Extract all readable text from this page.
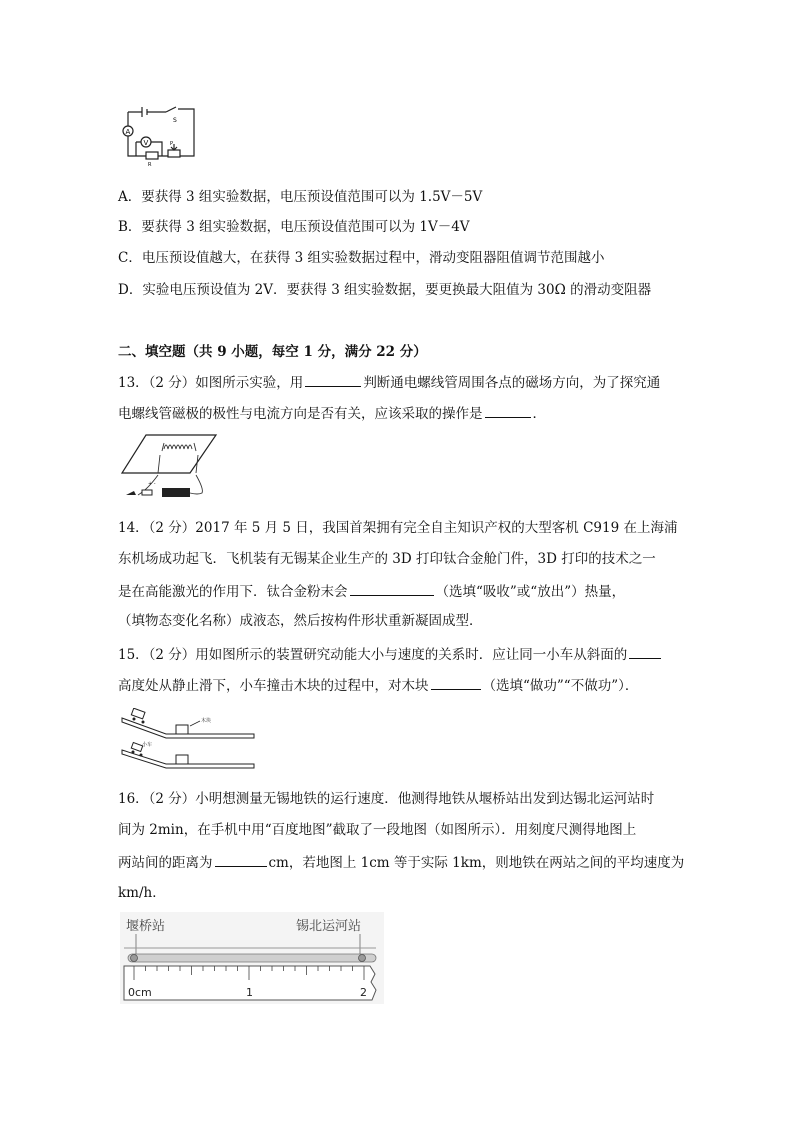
A
V
S
R
P
A．要获得 3 组实验数据，电压预设值范围可以为 1.5V－5V
B．要获得 3 组实验数据，电压预设值范围可以为 1V－4V
C．电压预设值越大，在获得 3 组实验数据过程中，滑动变阻器阻值调节范围越小
D．实验电压预设值为 2V．要获得 3 组实验数据，要更换最大阻值为 30Ω 的滑动变阻器
二、填空题（共 9 小题，每空 1 分，满分 22 分）
13．（2 分）如图所示实验，用	判断通电螺线管周围各点的磁场方向，为了探究通
电螺线管磁极的极性与电流方向是否有关，应该采取的操作是	．
+ -
14．（2 分）2017 年 5 月 5 日，我国首架拥有完全自主知识产权的大型客机 C919 在上海浦
东机场成功起飞．飞机装有无锡某企业生产的 3D 打印钛合金舱门件，3D 打印的技术之一
是在高能激光的作用下．钛合金粉末会	（选填“吸收”或“放出”）热量，
（填物态变化名称）成液态，然后按构件形状重新凝固成型．
15．（2 分）用如图所示的装置研究动能大小与速度的关系时．应让同一小车从斜面的
高度处从静止滑下，小车撞击木块的过程中，对木块	（选填“做功”“不做功”）．
木块
小车
16．（2 分）小明想测量无锡地铁的运行速度．他测得地铁从堰桥站出发到达锡北运河站时
间为 2min，在手机中用“百度地图”截取了一段地图（如图所示）．用刻度尺测得地图上
两站间的距离为	cm，若地图上 1cm 等于实际 1km，则地铁在两站之间的平均速度为
km/h．
堰桥站	锡北运河站
0cm	1	2
